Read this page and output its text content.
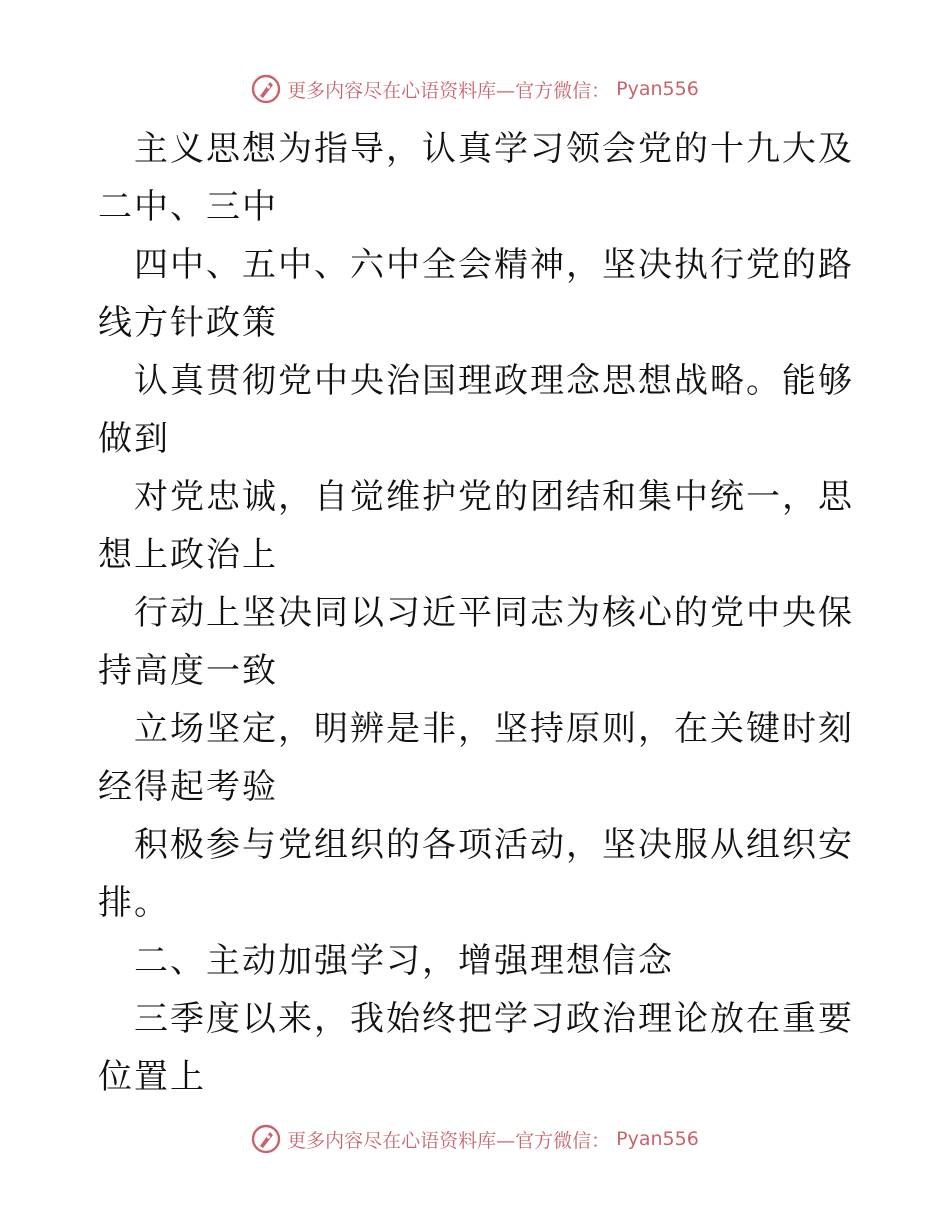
更多内容尽在心语资料库—官方微信： Pyan556

主义思想为指导，认真学习领会党的十九大及二中、三中

四中、五中、六中全会精神，坚决执行党的路线方针政策

认真贯彻党中央治国理政理念思想战略。能够做到

对党忠诚，自觉维护党的团结和集中统一，思想上政治上

行动上坚决同以习近平同志为核心的党中央保持高度一致

立场坚定，明辨是非，坚持原则，在关键时刻经得起考验

积极参与党组织的各项活动，坚决服从组织安排。

二、主动加强学习，增强理想信念

三季度以来，我始终把学习政治理论放在重要位置上

更多内容尽在心语资料库—官方微信： Pyan556
